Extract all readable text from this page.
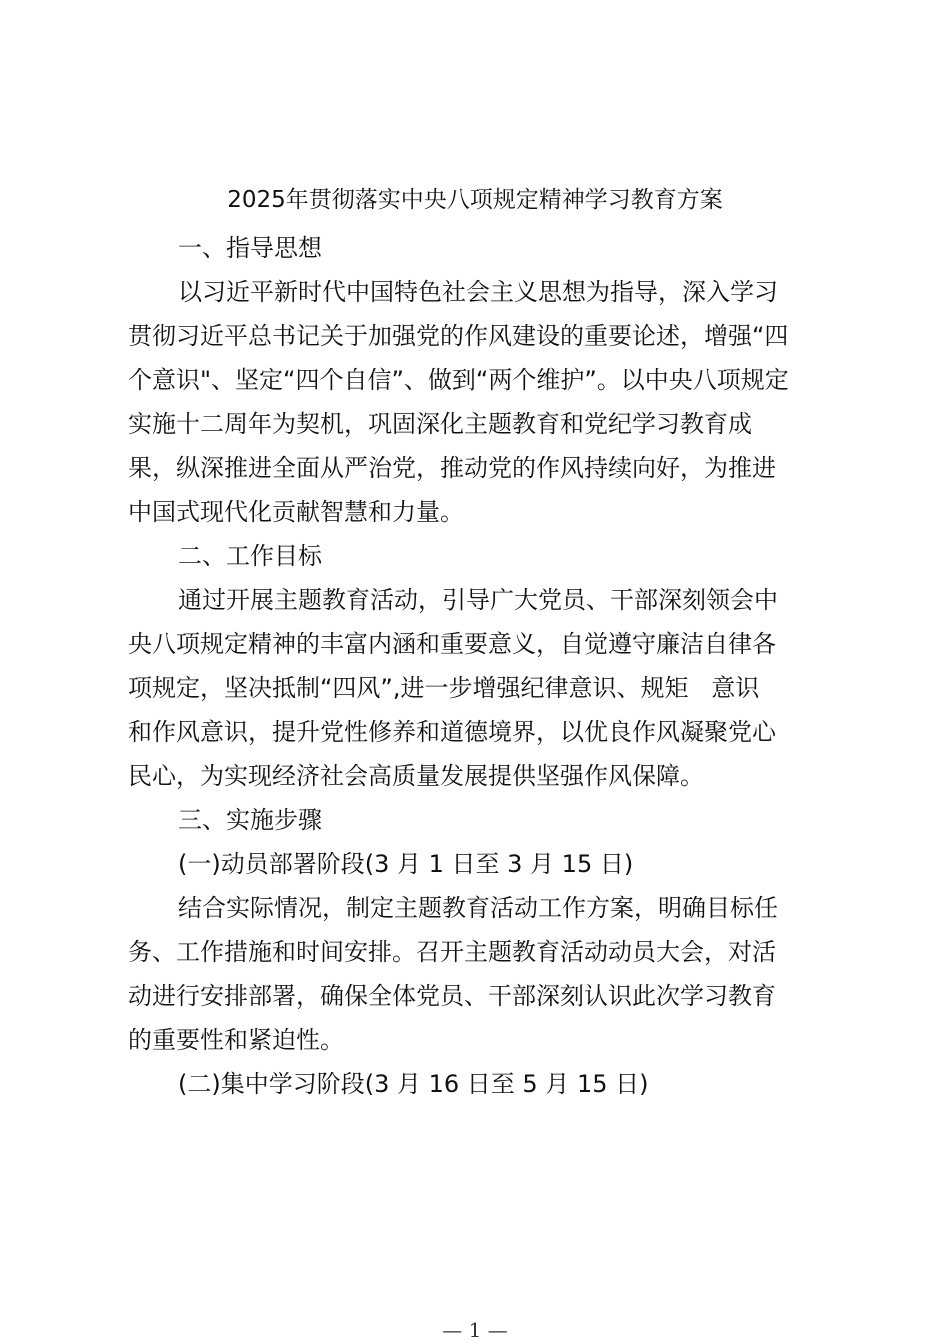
2025年贯彻落实中央八项规定精神学习教育方案
一、指导思想
以习近平新时代中国特色社会主义思想为指导，深入学习
贯彻习近平总书记关于加强党的作风建设的重要论述，增强“四
个意识"、坚定“四个自信”、做到“两个维护”。以中央八项规定
实施十二周年为契机，巩固深化主题教育和党纪学习教育成
果，纵深推进全面从严治党，推动党的作风持续向好，为推进
中国式现代化贡献智慧和力量。
二、工作目标
通过开展主题教育活动，引导广大党员、干部深刻领会中
央八项规定精神的丰富内涵和重要意义，自觉遵守廉洁自律各
项规定，坚决抵制“四风”,进一步增强纪律意识、规矩   意识
和作风意识，提升党性修养和道德境界，以优良作风凝聚党心
民心，为实现经济社会高质量发展提供坚强作风保障。
三、实施步骤
(一)动员部署阶段(3 月 1 日至 3 月 15 日)
结合实际情况，制定主题教育活动工作方案，明确目标任
务、工作措施和时间安排。召开主题教育活动动员大会，对活
动进行安排部署，确保全体党员、干部深刻认识此次学习教育
的重要性和紧迫性。
(二)集中学习阶段(3 月 16 日至 5 月 15 日)
— 1 —
